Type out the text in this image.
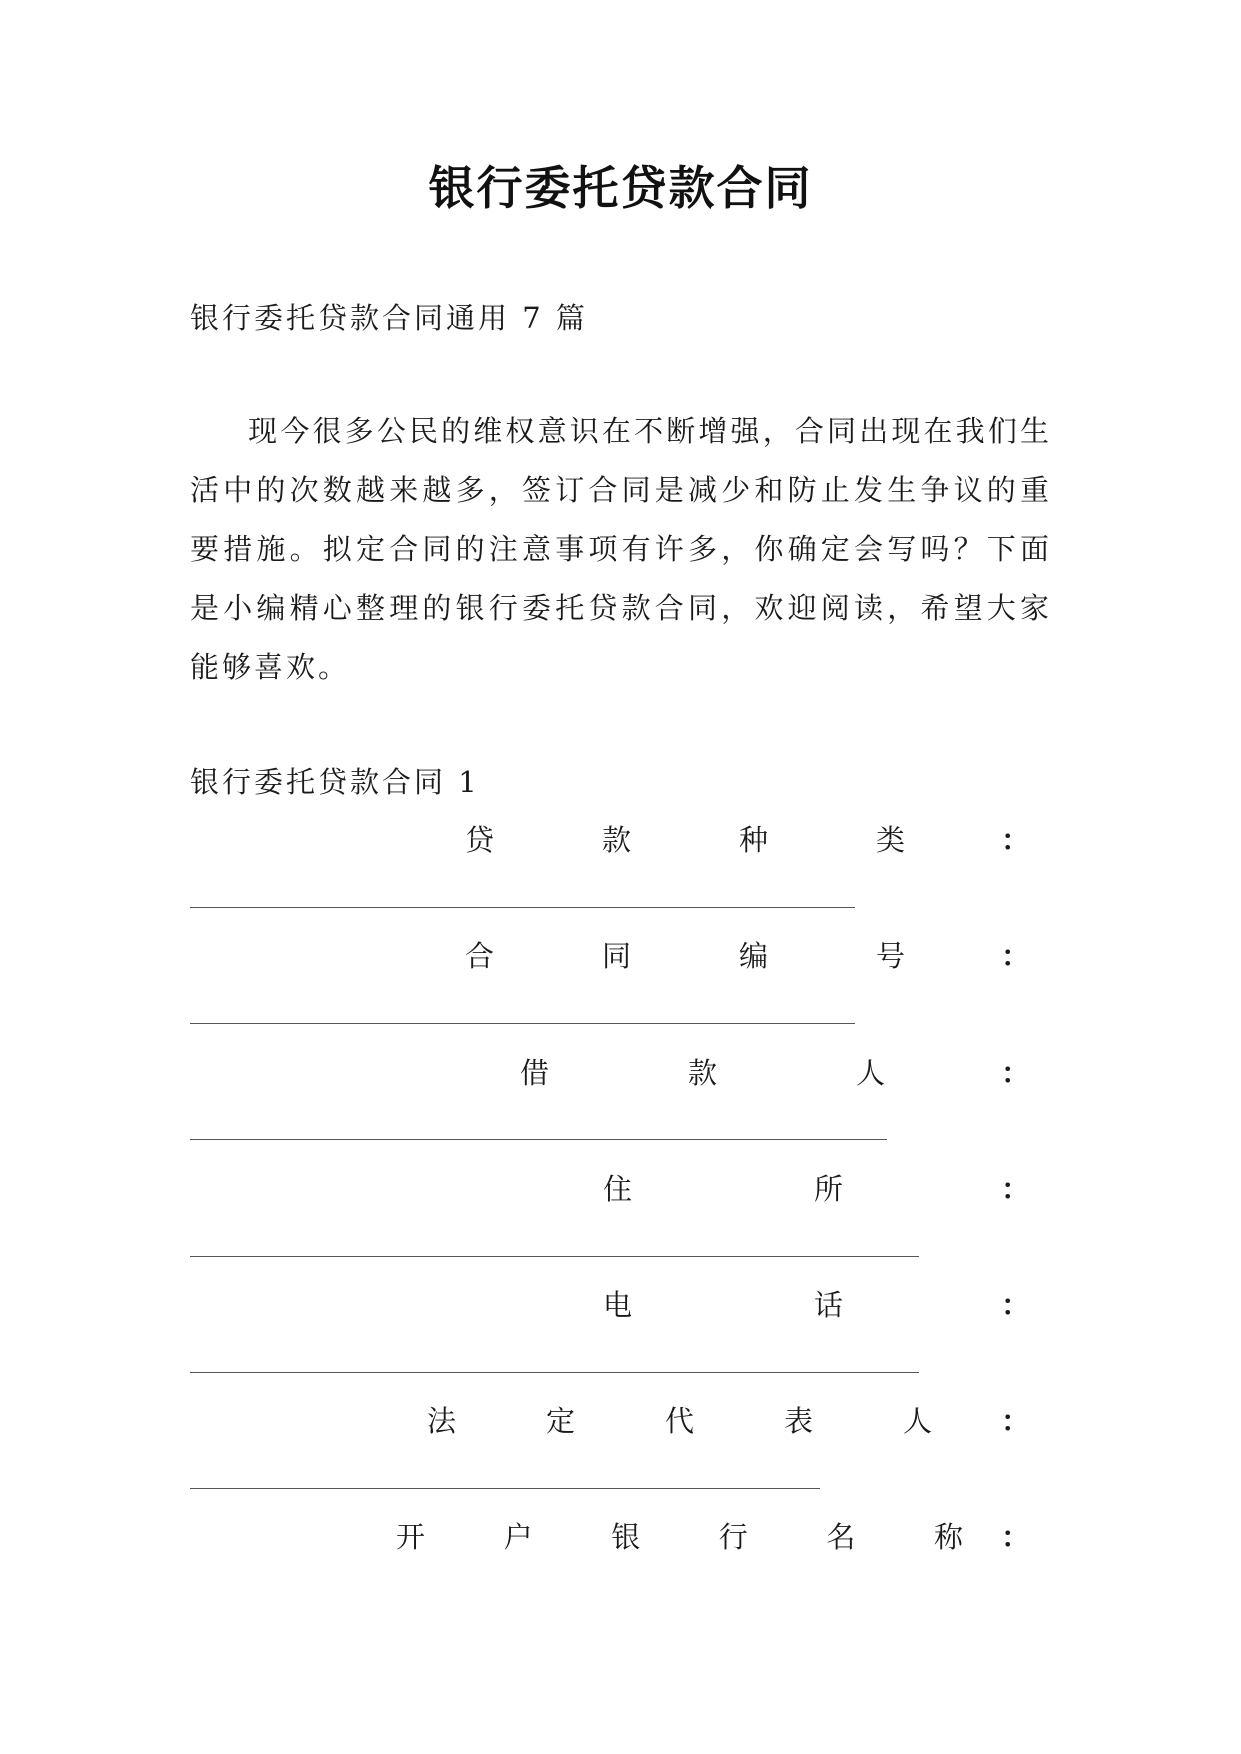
银行委托贷款合同
银行委托贷款合同通用 7 篇
现今很多公民的维权意识在不断增强，合同出现在我们生活中的次数越来越多，签订合同是减少和防止发生争议的重要措施。拟定合同的注意事项有许多，你确定会写吗？下面是小编精心整理的银行委托贷款合同，欢迎阅读，希望大家能够喜欢。
银行委托贷款合同 1
贷	款	种	类	：
合	同	编	号	：
借	款	人	：
住	所	：
电	话	：
法	定	代	表	人 ：
开	户	银	行	名	称 ：
